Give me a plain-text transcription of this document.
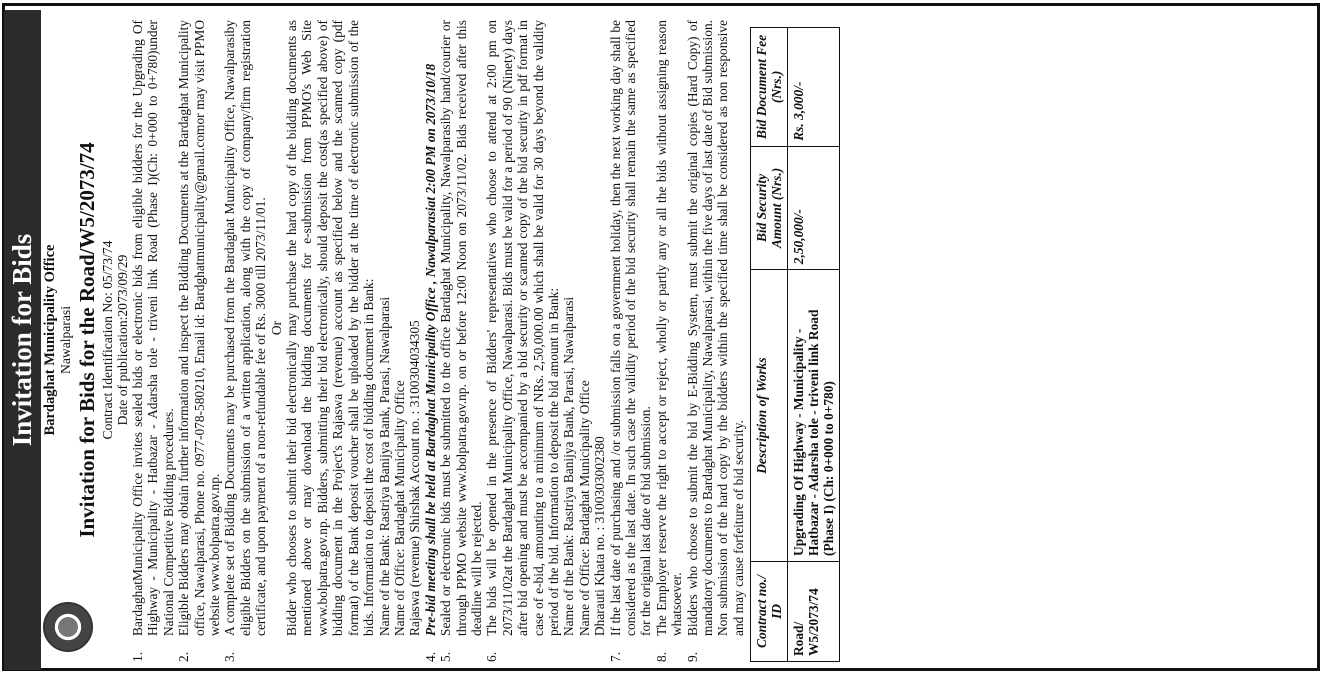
Invitation for Bids Bardaghat Municipality Office Nawalparasi Invitation for Bids for the Road/W5/2073/74 Contract Identification No: 05/73/74 Date of publication:2073/09/29
1.

BardaghatMunicipality Office invites sealed bids or electronic bids from eligible bidders for the Upgrading Of Highway - Municipality - Hatbazar - Adarsha tole - triveni link Road (Phase I)(Ch: 0+000 to 0+780)under National Competitive Bidding procedures.

2.

Eligible Bidders may obtain further information and inspect the Bidding Documents at the Bardaghat Municipality office, Nawalparasi, Phone no. 0977-078-580210, Email id: Bardghatmunicipality@gmail.comor may visit PPMO website www.bolpatra.gov.np.

3.

A complete set of Bidding Documents may be purchased from the Bardaghat Municipality Office, Nawalparasiby eligible Bidders on the submission of a written application, along with the copy of company/firm registration certificate, and upon payment of a non-refundable fee of Rs. 3000 till 2073/11/01. Or Bidder who chooses to submit their bid electronically may purchase the hard copy of the bidding documents as mentioned above or may download the bidding documents for e-submission from PPMO's Web Site www.bolpatra.gov.np. Bidders, submitting their bid electronically, should deposit the cost(as specified above) of bidding document in the Project's Rajaswa (revenue) account as specified below and the scanned copy (pdf format) of the Bank deposit voucher shall be uploaded by the bidder at the time of electronic submission of the bids. Information to deposit the cost of bidding document in Bank: Name of the Bank: Rastriya Banijya Bank, Parasi, Nawalparasi Name of Office: Bardaghat Municipality Office Rajaswa (revenue) Shirshak Account no. : 3100304034305

4.

Pre-bid meeting shall be held at Bardaghat Municipality Office , Nawalparasiat 2:00 PM on 2073/10/18

5.

Sealed or electronic bids must be submitted to the office Bardaghat Municipality, Nawalparasiby hand/courier or through PPMO website www.bolpatra.gov.np. on or before 12:00 Noon on 2073/11/02. Bids received after this deadline will be rejected.

6.

The bids will be opened in the presence of Bidders' representatives who choose to attend at 2:00 pm on 2073/11/02at the Bardaghat Municipality Office, Nawalparasi. Bids must be valid for a period of 90 (Ninety) days after bid opening and must be accompanied by a bid security or scanned copy of the bid security in pdf format in case of e-bid, amounting to a minimum of NRs. 2,50,000.00 which shall be valid for 30 days beyond the validity period of the bid. Information to deposit the bid amount in Bank: Name of the Bank: Rastriya Banijya Bank, Parasi, Nawalparasi Name of Office: Bardaghat Municipality Office Dharauti Khata no. : 3100303002380

7.

If the last date of purchasing and /or submission falls on a government holiday, then the next working day shall be considered as the last date. In such case the validity period of the bid security shall remain the same as specified for the original last date of bid submission.

8.

The Employer reserve the right to accept or reject, wholly or partly any or all the bids without assigning reason whatsoever.

9.

Bidders who choose to submit the bid by E-Bidding System, must submit the original copies (Hard Copy) of mandatory documents to Bardaghat Municipality, Nawalparasi, within the five days of last date of Bid submission. Non submission of the hard copy by the bidders within the specified time shall be considered as non responsive and may cause forfeiture of bid security. Contract no./ ID	Description of Works	Bid Security Amount (Nrs.)	Bid Document Fee (Nrs.)
Road/ W5/2073/74	Upgrading Of Highway - Municipality - Hatbazar - Adarsha tole - triveni link Road (Phase I) (Ch: 0+000 to 0+780)	2,50,000/-	Rs. 3,000/-
